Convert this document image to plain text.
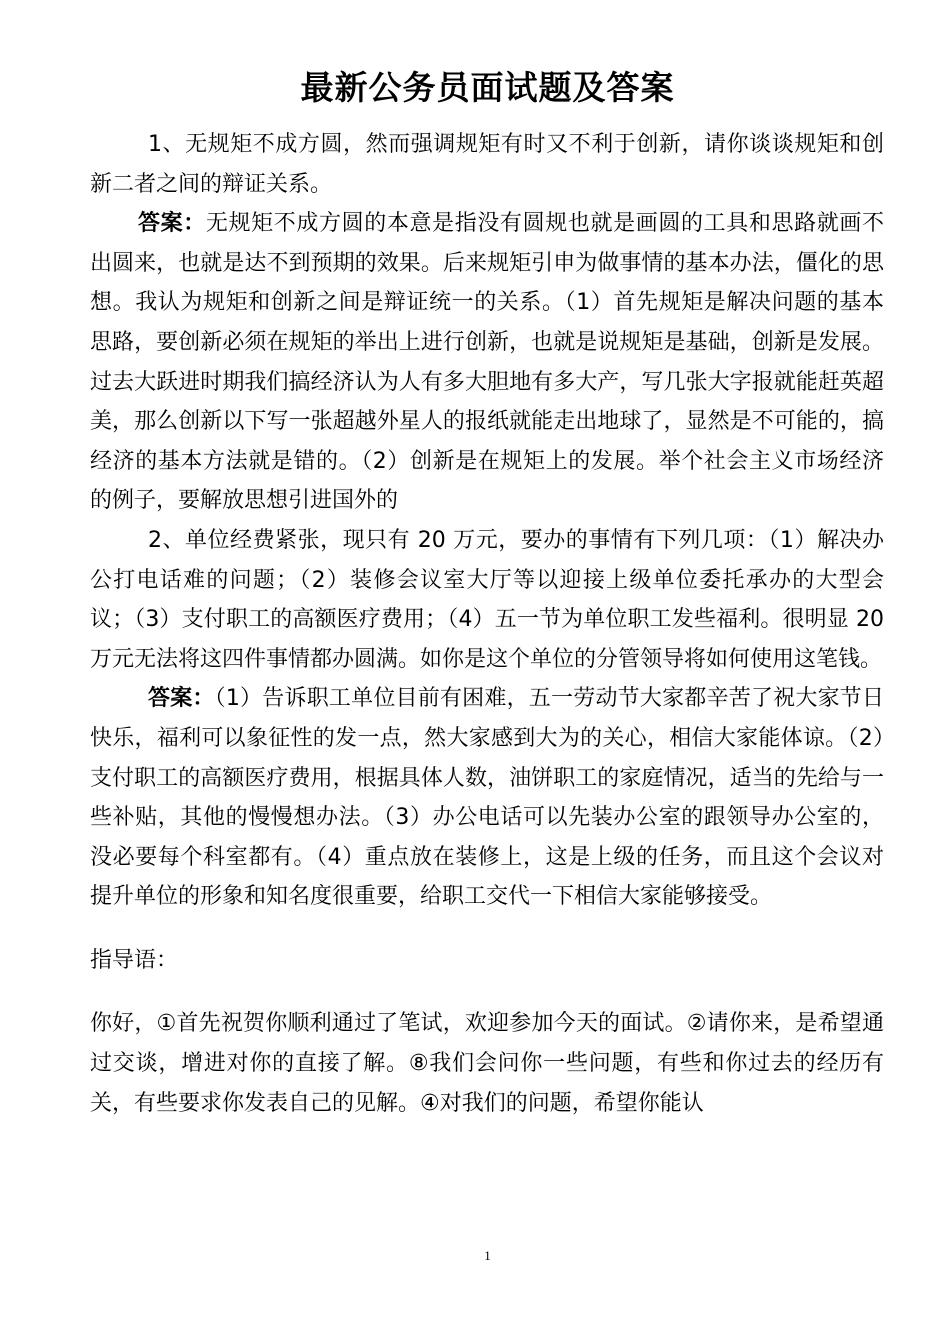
最新公务员面试题及答案

1、无规矩不成方圆，然而强调规矩有时又不利于创新，请你谈谈规矩和创新二者之间的辩证关系。

答案：无规矩不成方圆的本意是指没有圆规也就是画圆的工具和思路就画不出圆来，也就是达不到预期的效果。后来规矩引申为做事情的基本办法，僵化的思想。我认为规矩和创新之间是辩证统一的关系。（1）首先规矩是解决问题的基本思路，要创新必须在规矩的举出上进行创新，也就是说规矩是基础，创新是发展。过去大跃进时期我们搞经济认为人有多大胆地有多大产，写几张大字报就能赶英超美，那么创新以下写一张超越外星人的报纸就能走出地球了，显然是不可能的，搞经济的基本方法就是错的。（2）创新是在规矩上的发展。举个社会主义市场经济的例子，要解放思想引进国外的

2、单位经费紧张，现只有 20 万元，要办的事情有下列几项：（1）解决办公打电话难的问题；（2）装修会议室大厅等以迎接上级单位委托承办的大型会议；（3）支付职工的高额医疗费用；（4）五一节为单位职工发些福利。很明显 20 万元无法将这四件事情都办圆满。如你是这个单位的分管领导将如何使用这笔钱。

答案：（1）告诉职工单位目前有困难，五一劳动节大家都辛苦了祝大家节日快乐，福利可以象征性的发一点，然大家感到大为的关心，相信大家能体谅。（2）支付职工的高额医疗费用，根据具体人数，油饼职工的家庭情况，适当的先给与一些补贴，其他的慢慢想办法。（3）办公电话可以先装办公室的跟领导办公室的，没必要每个科室都有。（4）重点放在装修上，这是上级的任务，而且这个会议对提升单位的形象和知名度很重要，给职工交代一下相信大家能够接受。

指导语：

你好，①首先祝贺你顺利通过了笔试，欢迎参加今天的面试。②请你来，是希望通过交谈，增进对你的直接了解。⑧我们会问你一些问题，有些和你过去的经历有关，有些要求你发表自己的见解。④对我们的问题，希望你能认

1
